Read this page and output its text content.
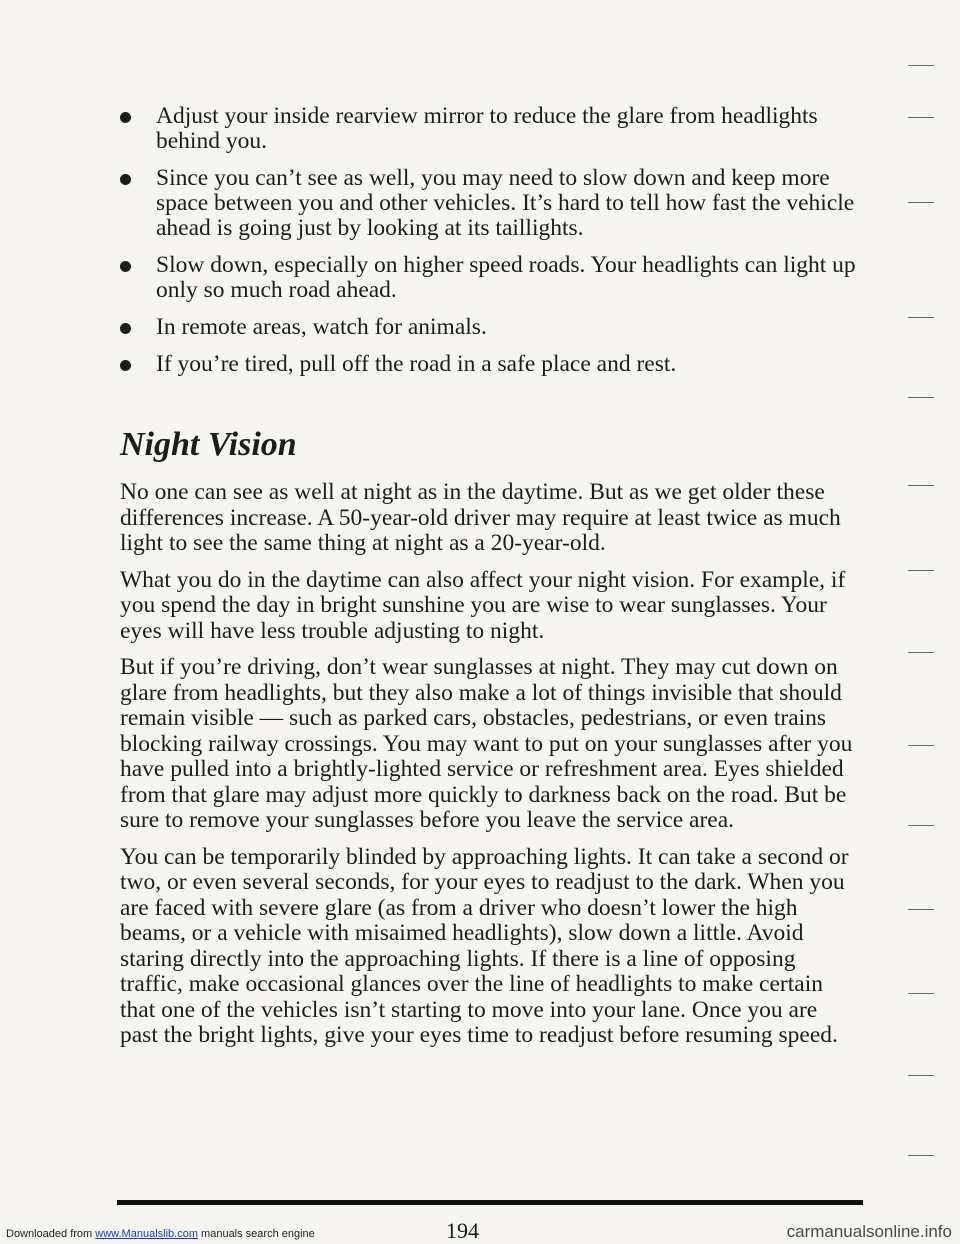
Adjust your inside rearview mirror to reduce the glare from headlights behind you.
Since you can’t see as well, you may need to slow down and keep more space between you and other vehicles. It’s hard to tell how fast the vehicle ahead is going just by looking at its taillights.
Slow down, especially on higher speed roads. Your headlights can light up only so much road ahead.
In remote areas, watch for animals.
If you’re tired, pull off the road in a safe place and rest.
Night Vision

No one can see as well at night as in the daytime. But as we get older these differences increase. A 50-year-old driver may require at least twice as much light to see the same thing at night as a 20-year-old.

What you do in the daytime can also affect your night vision. For example, if you spend the day in bright sunshine you are wise to wear sunglasses. Your eyes will have less trouble adjusting to night.

But if you’re driving, don’t wear sunglasses at night. They may cut down on glare from headlights, but they also make a lot of things invisible that should remain visible — such as parked cars, obstacles, pedestrians, or even trains blocking railway crossings. You may want to put on your sunglasses after you have pulled into a brightly-lighted service or refreshment area. Eyes shielded from that glare may adjust more quickly to darkness back on the road. But be sure to remove your sunglasses before you leave the service area.

You can be temporarily blinded by approaching lights. It can take a second or two, or even several seconds, for your eyes to readjust to the dark. When you are faced with severe glare (as from a driver who doesn’t lower the high beams, or a vehicle with misaimed headlights), slow down a little. Avoid staring directly into the approaching lights. If there is a line of opposing traffic, make occasional glances over the line of headlights to make certain that one of the vehicles isn’t starting to move into your lane. Once you are past the bright lights, give your eyes time to readjust before resuming speed.

194
Downloaded from www.Manualslib.com manuals search engine	carmanualsonline.info
